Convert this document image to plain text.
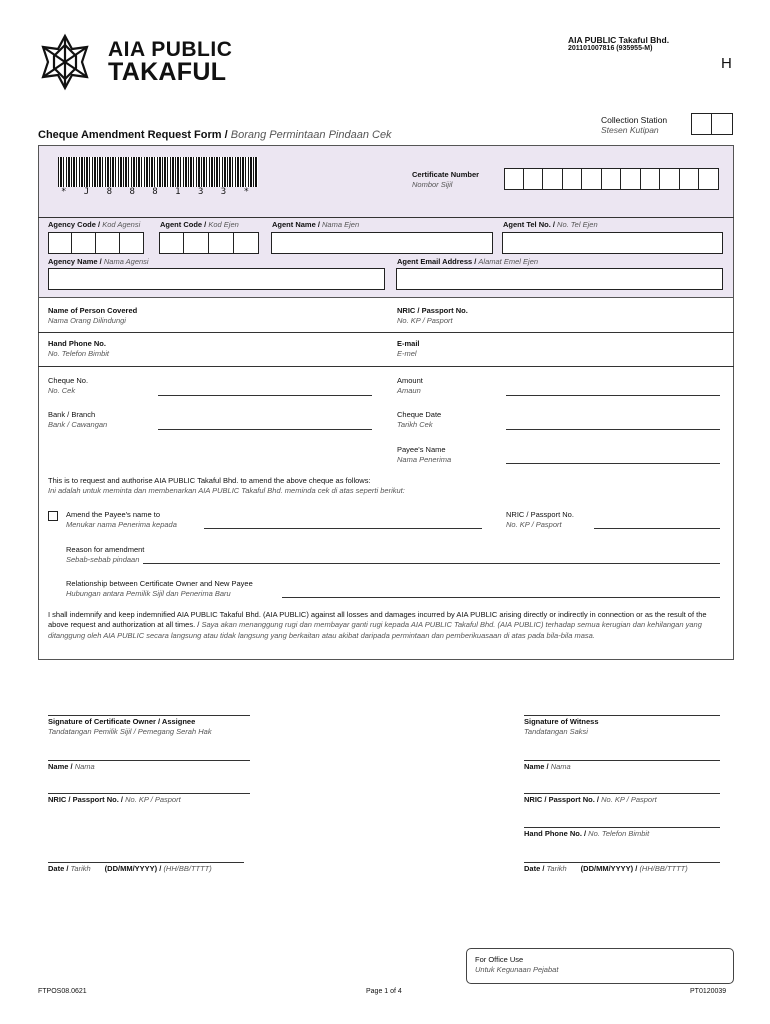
AIA PUBLIC
TAKAFUL
AIA PUBLIC Takaful Bhd.
201101007816 (935955-M)
H
Cheque Amendment Request Form / Borang Permintaan Pindaan Cek
Collection Station
Stesen Kutipan
* J 8 8 8 1 3 3 *
Certificate Number
Nombor Sijil
Agency Code / Kod Agensi	Agent Code / Kod Ejen	Agent Name / Nama Ejen	Agent Tel No. / No. Tel Ejen
Agency Name / Nama Agensi	Agent Email Address / Alamat Emel Ejen
Name of Person Covered
Nama Orang Dilindungi
NRIC / Passport No.
No. KP / Pasport
Hand Phone No.
No. Telefon Bimbit
E-mail
E-mel
Cheque No.
No. Cek
Amount
Amaun
Bank / Branch
Bank / Cawangan
Cheque Date
Tarikh Cek
Payee's Name
Nama Penerima
This is to request and authorise AIA PUBLIC Takaful Bhd. to amend the above cheque as follows:
Ini adalah untuk meminta dan membenarkan AIA PUBLIC Takaful Bhd. meminda cek di atas seperti berikut:
Amend the Payee's name to
Menukar nama Penerima kepada
NRIC / Passport No.
No. KP / Pasport
Reason for amendment
Sebab-sebab pindaan
Relationship between Certificate Owner and New Payee
Hubungan antara Pemilik Sijil dan Penerima Baru
I shall indemnify and keep indemnified AIA PUBLIC Takaful Bhd. (AIA PUBLIC) against all losses and damages incurred by AIA PUBLIC arising directly or indirectly in connection or as the result of the above request and authorization at all times. / Saya akan menanggung rugi dan membayar ganti rugi kepada AIA PUBLIC Takaful Bhd. (AIA PUBLIC) terhadap semua kerugian dan kehilangan yang ditanggung oleh AIA PUBLIC secara langsung atau tidak langsung yang berkaitan atau akibat daripada permintaan dan pemberikuasaan di atas pada bila-bila masa.
Signature of Certificate Owner / Assignee
Tandatangan Pemilik Sijil / Pemegang Serah Hak
Signature of Witness
Tandatangan Saksi
Name / Nama	Name / Nama
NRIC / Passport No. / No. KP / Pasport	NRIC / Passport No. / No. KP / Pasport
Hand Phone No. / No. Telefon Bimbit
Date / Tarikh (DD/MM/YYYY) / (HH/BB/TTTT)	Date / Tarikh (DD/MM/YYYY) / (HH/BB/TTTT)
For Office Use
Untuk Kegunaan Pejabat
FTPOS08.0621	Page 1 of 4	PT0120039
